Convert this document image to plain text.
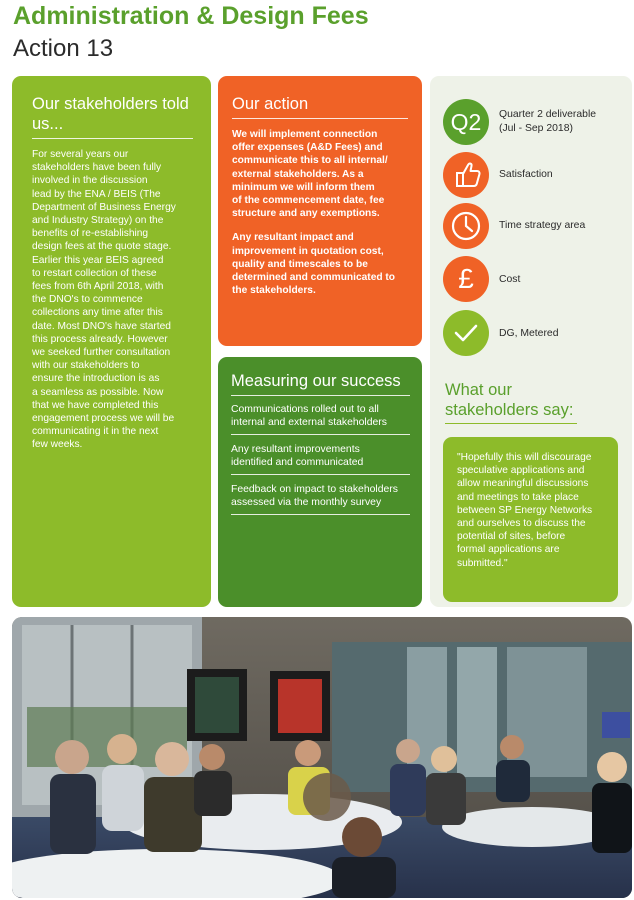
Administration & Design Fees
Action 13
Our stakeholders told us...
For several years our
stakeholders have been fully
involved in the discussion
lead by the ENA / BEIS (The
Department of Business Energy
and Industry Strategy) on the
benefits of re-establishing
design fees at the quote stage.
Earlier this year BEIS agreed
to restart collection of these
fees from 6th April 2018, with
the DNO's to commence
collections any time after this
date. Most DNO's have started
this process already. However
we seeked further consultation
with our stakeholders to
ensure the introduction is as
a seamless as possible. Now
that we have completed this
engagement process we will be
communicating it in the next
few weeks.
Our action

We will implement connection
offer expenses (A&D Fees) and
communicate this to all internal/
external stakeholders. As a
minimum we will inform them
of the commencement date, fee
structure and any exemptions.

Any resultant impact and
improvement in quotation cost,
quality and timescales to be
determined and communicated to
the stakeholders.

Measuring our success
Communications rolled out to all
internal and external stakeholders
Any resultant improvements
identified and communicated
Feedback on impact to stakeholders
assessed via the monthly survey
Q2	Quarter 2 deliverable
(Jul - Sep 2018)
Satisfaction
Time strategy area
£	Cost
DG, Metered
What our stakeholders say:
"Hopefully this will discourage
speculative applications and
allow meaningful discussions
and meetings to take place
between SP Energy Networks
and ourselves to discuss the
potential of sites, before
formal applications are
submitted."
